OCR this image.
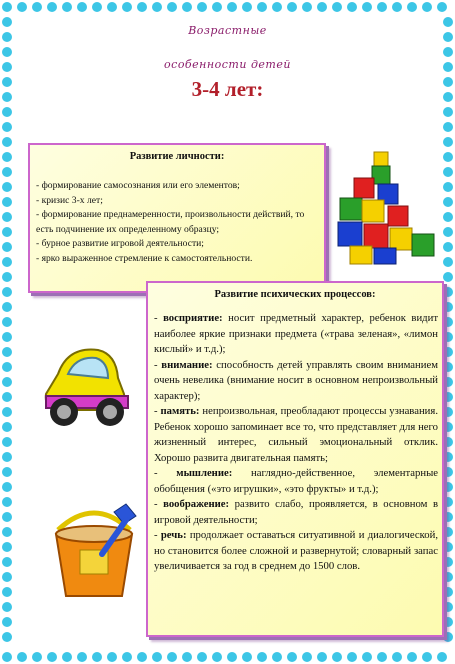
Возрастные
особенности детей
3-4 лет:
Развитие личности:

- формирование самосознания или его элементов;

- кризис 3-х лет;

- формирование преднамеренности, произвольности действий, то есть подчинение их определенному образцу;

- бурное развитие игровой деятельности;

- ярко выраженное стремление к самостоятельности.

Развитие психических процессов:

- восприятие: носит предметный характер, ребенок видит наиболее яркие признаки предмета («трава зеленая», «лимон кислый» и т.д.);

- внимание: способность детей управлять своим вниманием очень невелика (внимание носит в основном непроизвольный характер);

- память: непроизвольная, преобладают процессы узнавания. Ребенок хорошо запоминает все то, что представляет для него жизненный интерес, сильный эмоциональный отклик. Хорошо развита двигательная память;

- мышление: наглядно-действенное, элементарные обобщения («это игрушки», «это фрукты» и т.д.);

- воображение: развито слабо, проявляется, в основном в игровой деятельности;

- речь: продолжает оставаться ситуативной и диалогической, но становится более сложной и развернутой; словарный запас увеличивается за год в среднем до 1500 слов.
